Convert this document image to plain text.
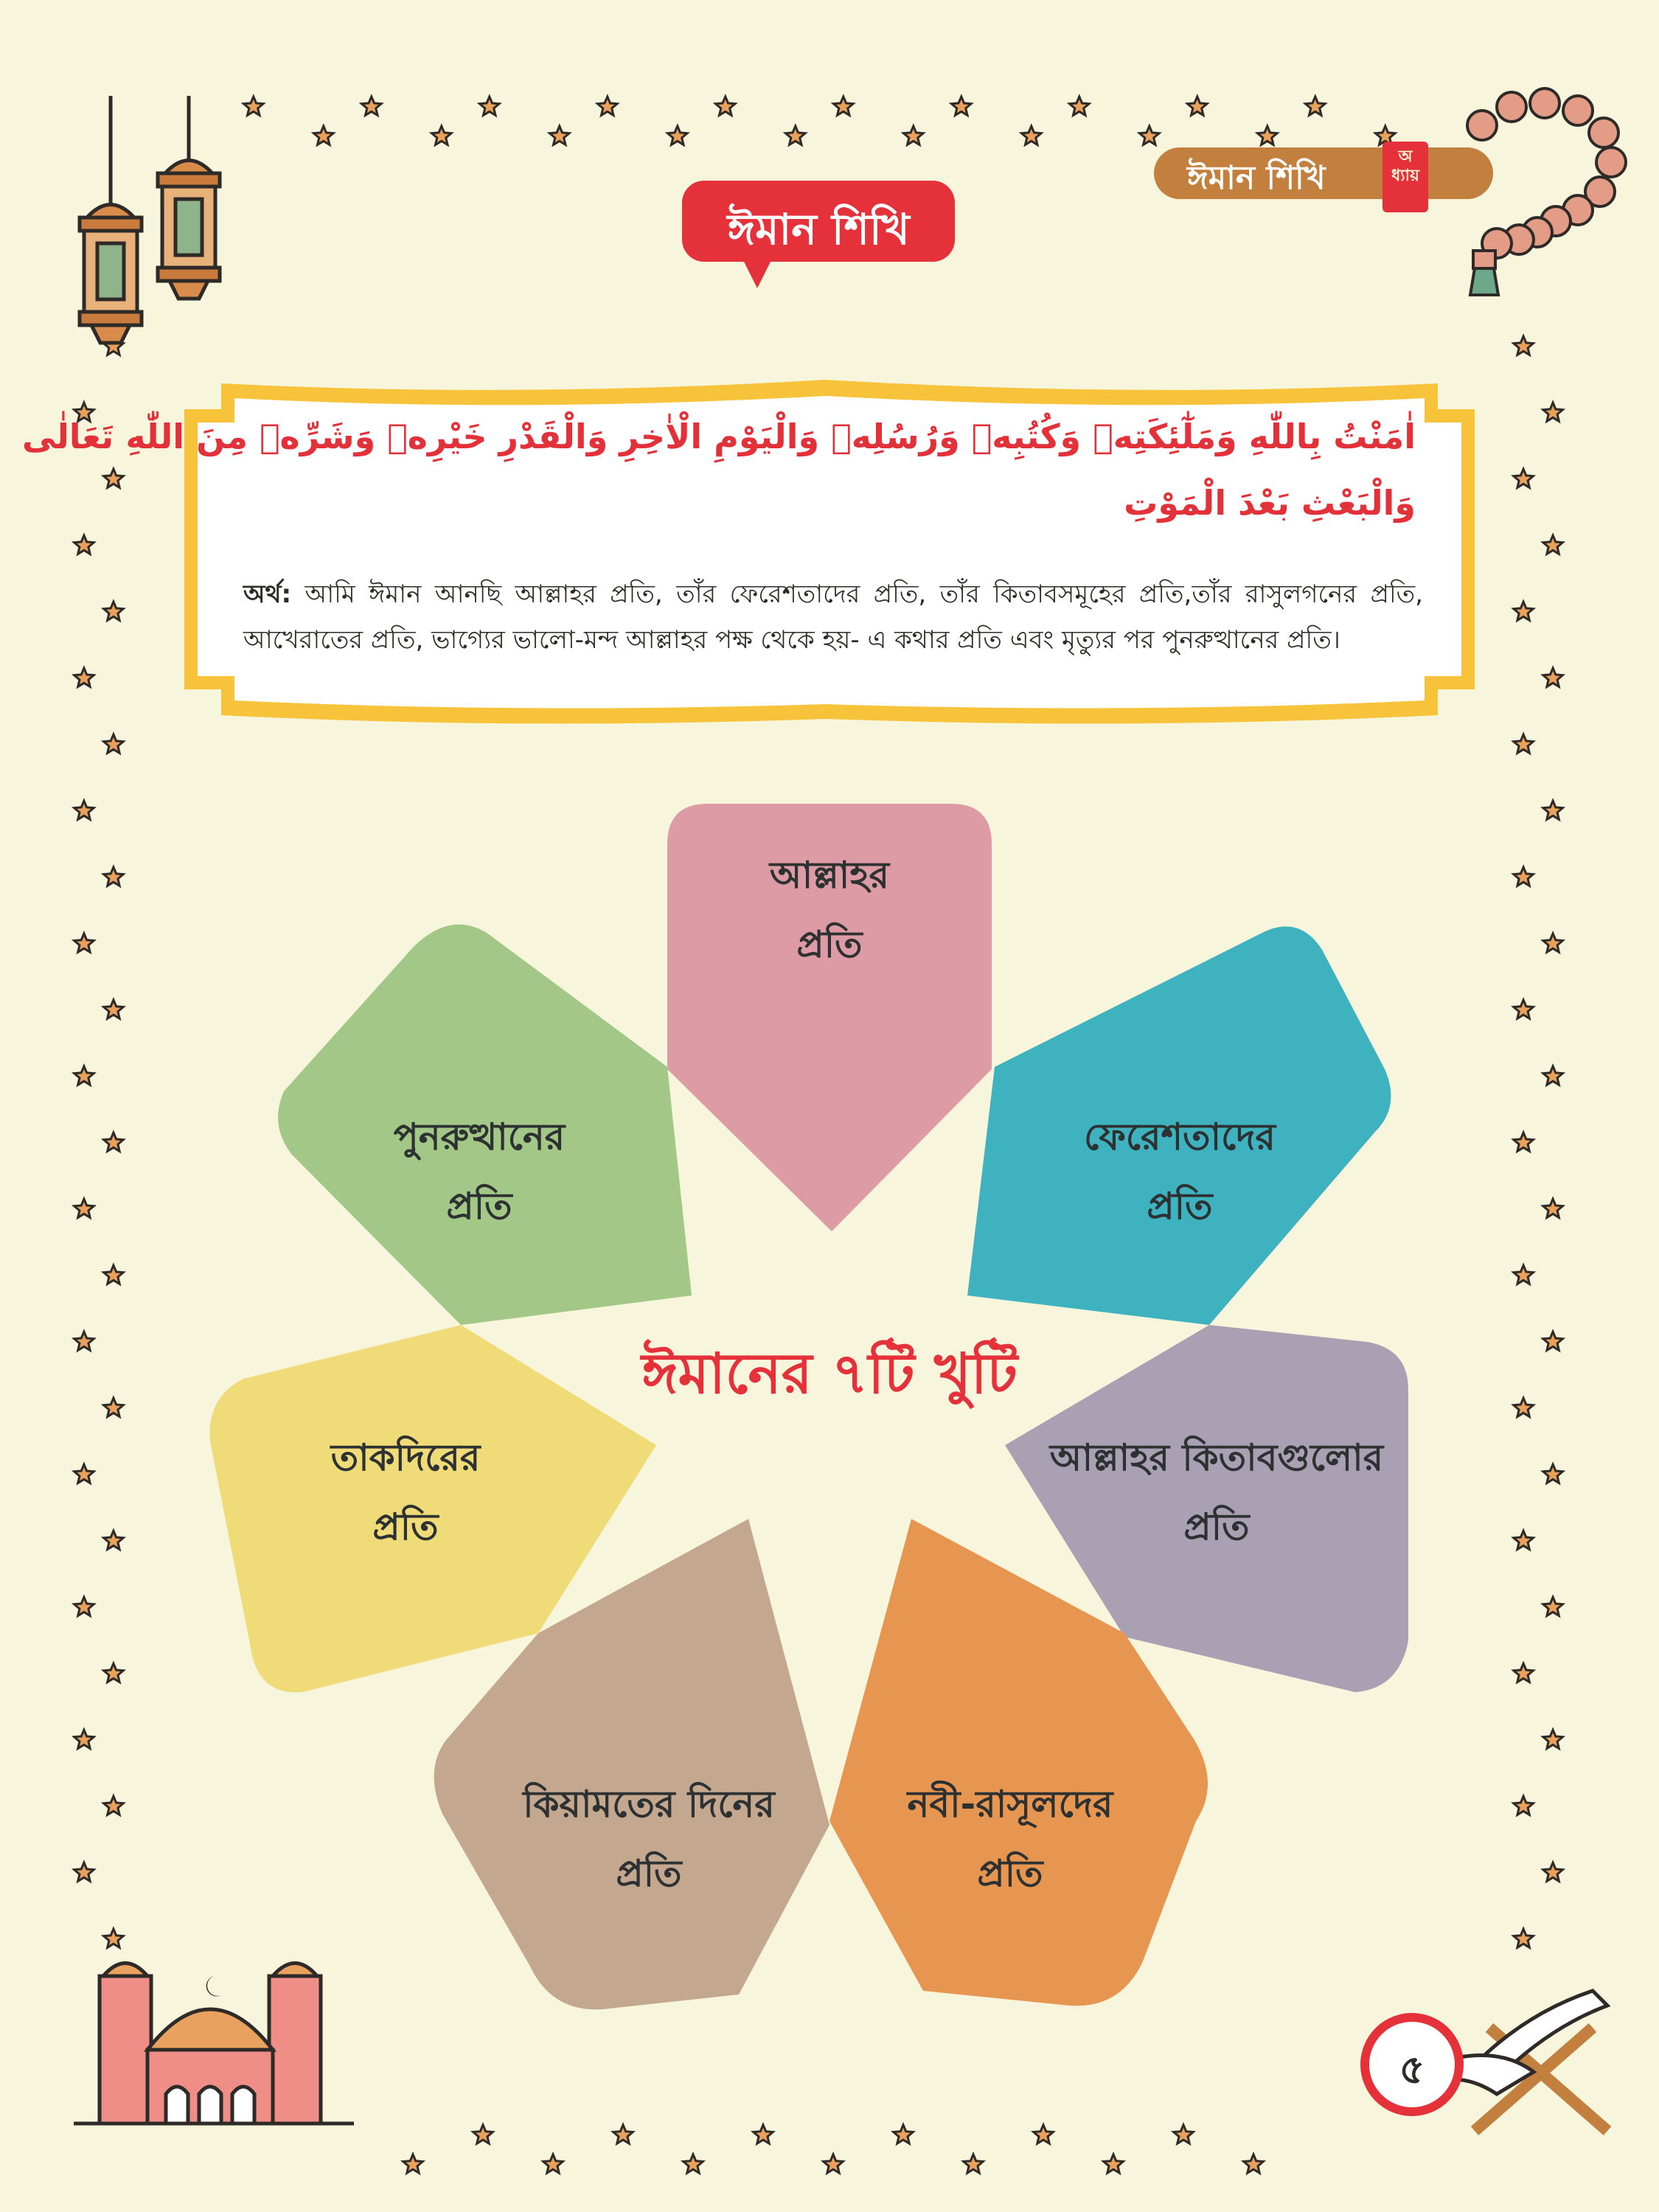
ঈমান শিখি
অধ্যায়
ঈমান শিখি
اٰمَنْتُ بِاللّٰهِ وَمَلٰٓئِكَتِهٖ وَكُتُبِهٖ وَرُسُلِهٖ وَالْيَوْمِ الْاٰخِرِ وَالْقَدْرِ خَيْرِهٖ وَشَرِّهٖ مِنَ اللّٰهِ تَعَالٰى
وَالْبَعْثِ بَعْدَ الْمَوْتِ
অর্থ: আমি ঈমান আনছি আল্লাহর প্রতি, তাঁর ফেরেশতাদের প্রতি, তাঁর কিতাবসমূহের প্রতি,তাঁর রাসুলগনের প্রতি, আখেরাতের প্রতি, ভাগ্যের ভালো-মন্দ আল্লাহর পক্ষ থেকে হয়- এ কথার প্রতি এবং মৃত্যুর পর পুনরুত্থানের প্রতি।
আল্লাহর
প্রতি
ফেরেশতাদের
প্রতি
আল্লাহর কিতাবগুলোর
প্রতি
নবী-রাসূলদের
প্রতি
কিয়ামতের দিনের
প্রতি
তাকদিরের
প্রতি
পুনরুত্থানের
প্রতি
ঈমানের ৭টি খুটি
৫
